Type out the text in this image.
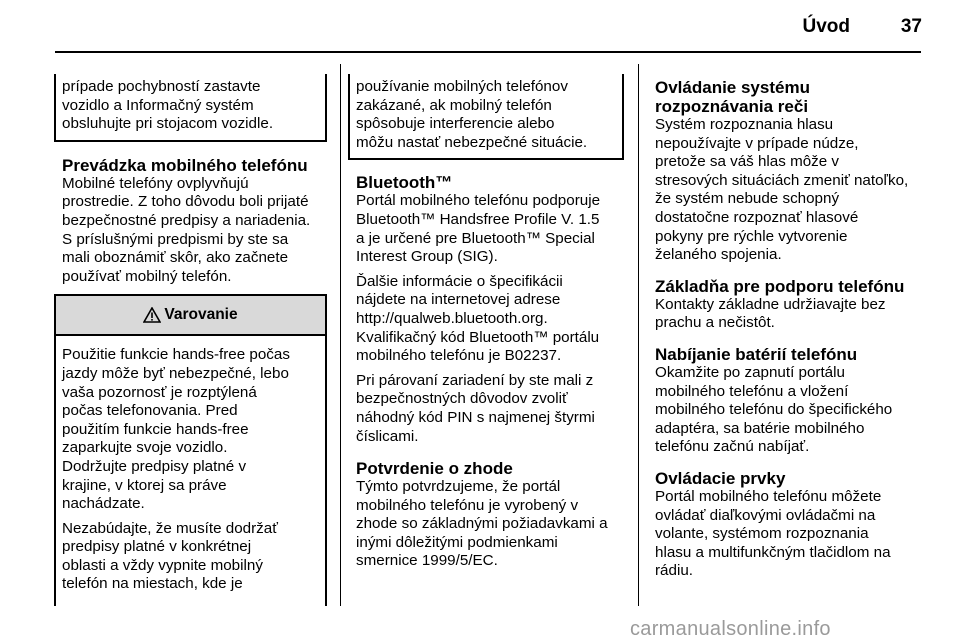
Úvod	37

prípade pochybností zastavte

vozidlo a Informačný systém

obsluhujte pri stojacom vozidle.

Prevádzka mobilného telefónu

Mobilné telefóny ovplyvňujú

prostredie. Z toho dôvodu boli prijaté

bezpečnostné predpisy a nariadenia.

S príslušnými predpismi by ste sa

mali oboznámiť skôr, ako začnete

používať mobilný telefón.

Varovanie

Použitie funkcie hands-free počas

jazdy môže byť nebezpečné, lebo

vaša pozornosť je rozptýlená

počas telefonovania. Pred

použitím funkcie hands-free

zaparkujte svoje vozidlo.

Dodržujte predpisy platné v

krajine, v ktorej sa práve

nachádzate.

Nezabúdajte, že musíte dodržať

predpisy platné v konkrétnej

oblasti a vždy vypnite mobilný

telefón na miestach, kde je

používanie mobilných telefónov

zakázané, ak mobilný telefón

spôsobuje interferencie alebo

môžu nastať nebezpečné situácie.

Bluetooth™

Portál mobilného telefónu podporuje

Bluetooth™ Handsfree Profile V. 1.5

a je určené pre Bluetooth™ Special

Interest Group (SIG).

Ďalšie informácie o špecifikácii

nájdete na internetovej adrese

http://qualweb.bluetooth.org.

Kvalifikačný kód Bluetooth™ portálu

mobilného telefónu je B02237.

Pri párovaní zariadení by ste mali z

bezpečnostných dôvodov zvoliť

náhodný kód PIN s najmenej štyrmi

číslicami.

Potvrdenie o zhode

Týmto potvrdzujeme, že portál

mobilného telefónu je vyrobený v

zhode so základnými požiadavkami a

inými dôležitými podmienkami

smernice 1999/5/EC.

Ovládanie systému

rozpoznávania reči

Systém rozpoznania hlasu

nepoužívajte v prípade núdze,

pretože sa váš hlas môže v

stresových situáciách zmeniť natoľko,

že systém nebude schopný

dostatočne rozpoznať hlasové

pokyny pre rýchle vytvorenie

želaného spojenia.

Základňa pre podporu telefónu

Kontakty základne udržiavajte bez

prachu a nečistôt.

Nabíjanie batérií telefónu

Okamžite po zapnutí portálu

mobilného telefónu a vložení

mobilného telefónu do špecifického

adaptéra, sa batérie mobilného

telefónu začnú nabíjať.

Ovládacie prvky

Portál mobilného telefónu môžete

ovládať diaľkovými ovládačmi na

volante, systémom rozpoznania

hlasu a multifunkčným tlačidlom na

rádiu.

carmanualsonline.info
